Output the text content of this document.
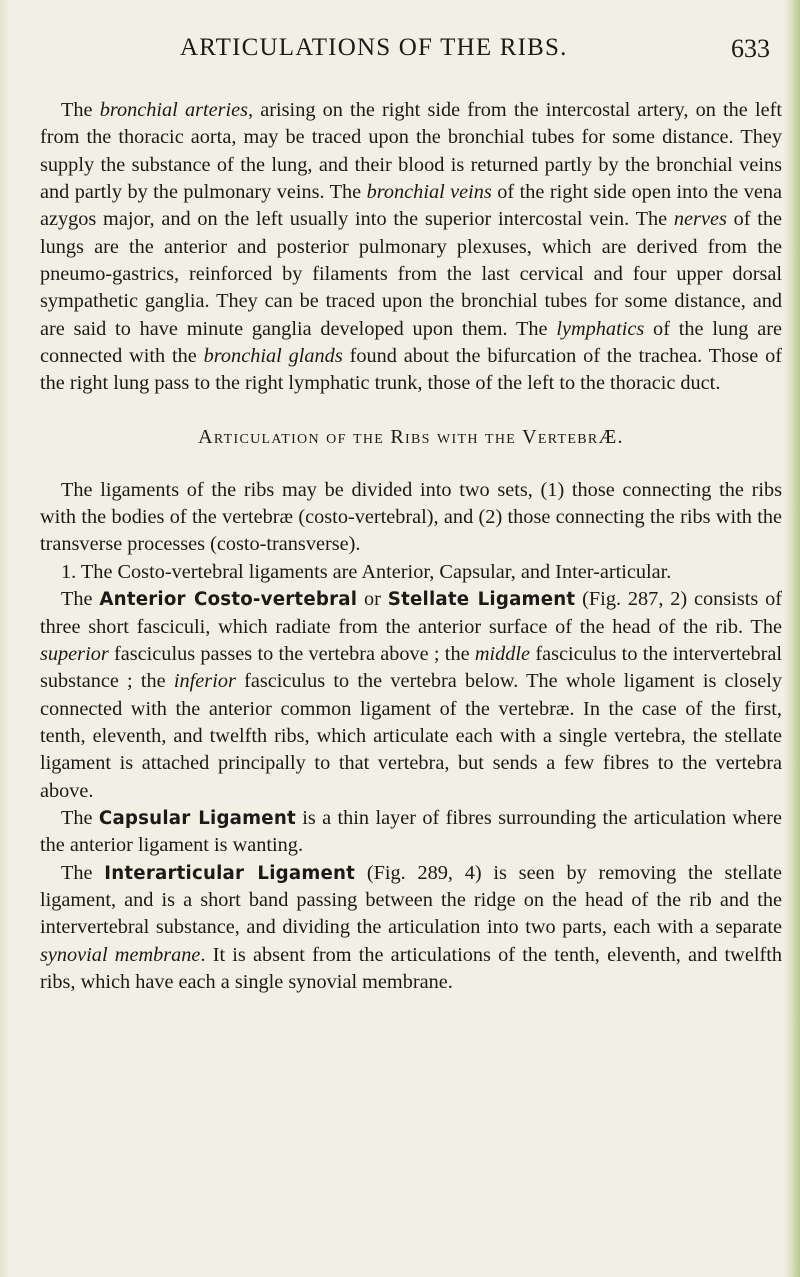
ARTICULATIONS OF THE RIBS.	633

The bronchial arteries, arising on the right side from the intercostal artery, on the left from the thoracic aorta, may be traced upon the bronchial tubes for some distance. They supply the substance of the lung, and their blood is returned partly by the bronchial veins and partly by the pulmonary veins. The bronchial veins of the right side open into the vena azygos major, and on the left usually into the superior intercostal vein. The nerves of the lungs are the anterior and posterior pulmonary plexuses, which are derived from the pneumo-gastrics, reinforced by filaments from the last cervical and four upper dorsal sympathetic ganglia. They can be traced upon the bronchial tubes for some distance, and are said to have minute ganglia developed upon them. The lymphatics of the lung are connected with the bronchial glands found about the bifurcation of the trachea. Those of the right lung pass to the right lymphatic trunk, those of the left to the thoracic duct.

Articulation of the Ribs with the VertebrÆ.

The ligaments of the ribs may be divided into two sets, (1) those connecting the ribs with the bodies of the vertebræ (costo-vertebral), and (2) those connecting the ribs with the transverse processes (costo-transverse).

1. The Costo-vertebral ligaments are Anterior, Capsular, and Inter-articular.

The Anterior Costo-vertebral or Stellate Ligament (Fig. 287, 2) consists of three short fasciculi, which radiate from the anterior surface of the head of the rib. The superior fasciculus passes to the vertebra above ; the middle fasciculus to the intervertebral substance ; the inferior fasciculus to the vertebra below. The whole ligament is closely connected with the anterior common ligament of the vertebræ. In the case of the first, tenth, eleventh, and twelfth ribs, which articulate each with a single vertebra, the stellate ligament is attached principally to that vertebra, but sends a few fibres to the vertebra above.

The Capsular Ligament is a thin layer of fibres surrounding the articulation where the anterior ligament is wanting.

The Interarticular Ligament (Fig. 289, 4) is seen by removing the stellate ligament, and is a short band passing between the ridge on the head of the rib and the intervertebral substance, and dividing the articulation into two parts, each with a separate synovial membrane. It is absent from the articulations of the tenth, eleventh, and twelfth ribs, which have each a single synovial membrane.
